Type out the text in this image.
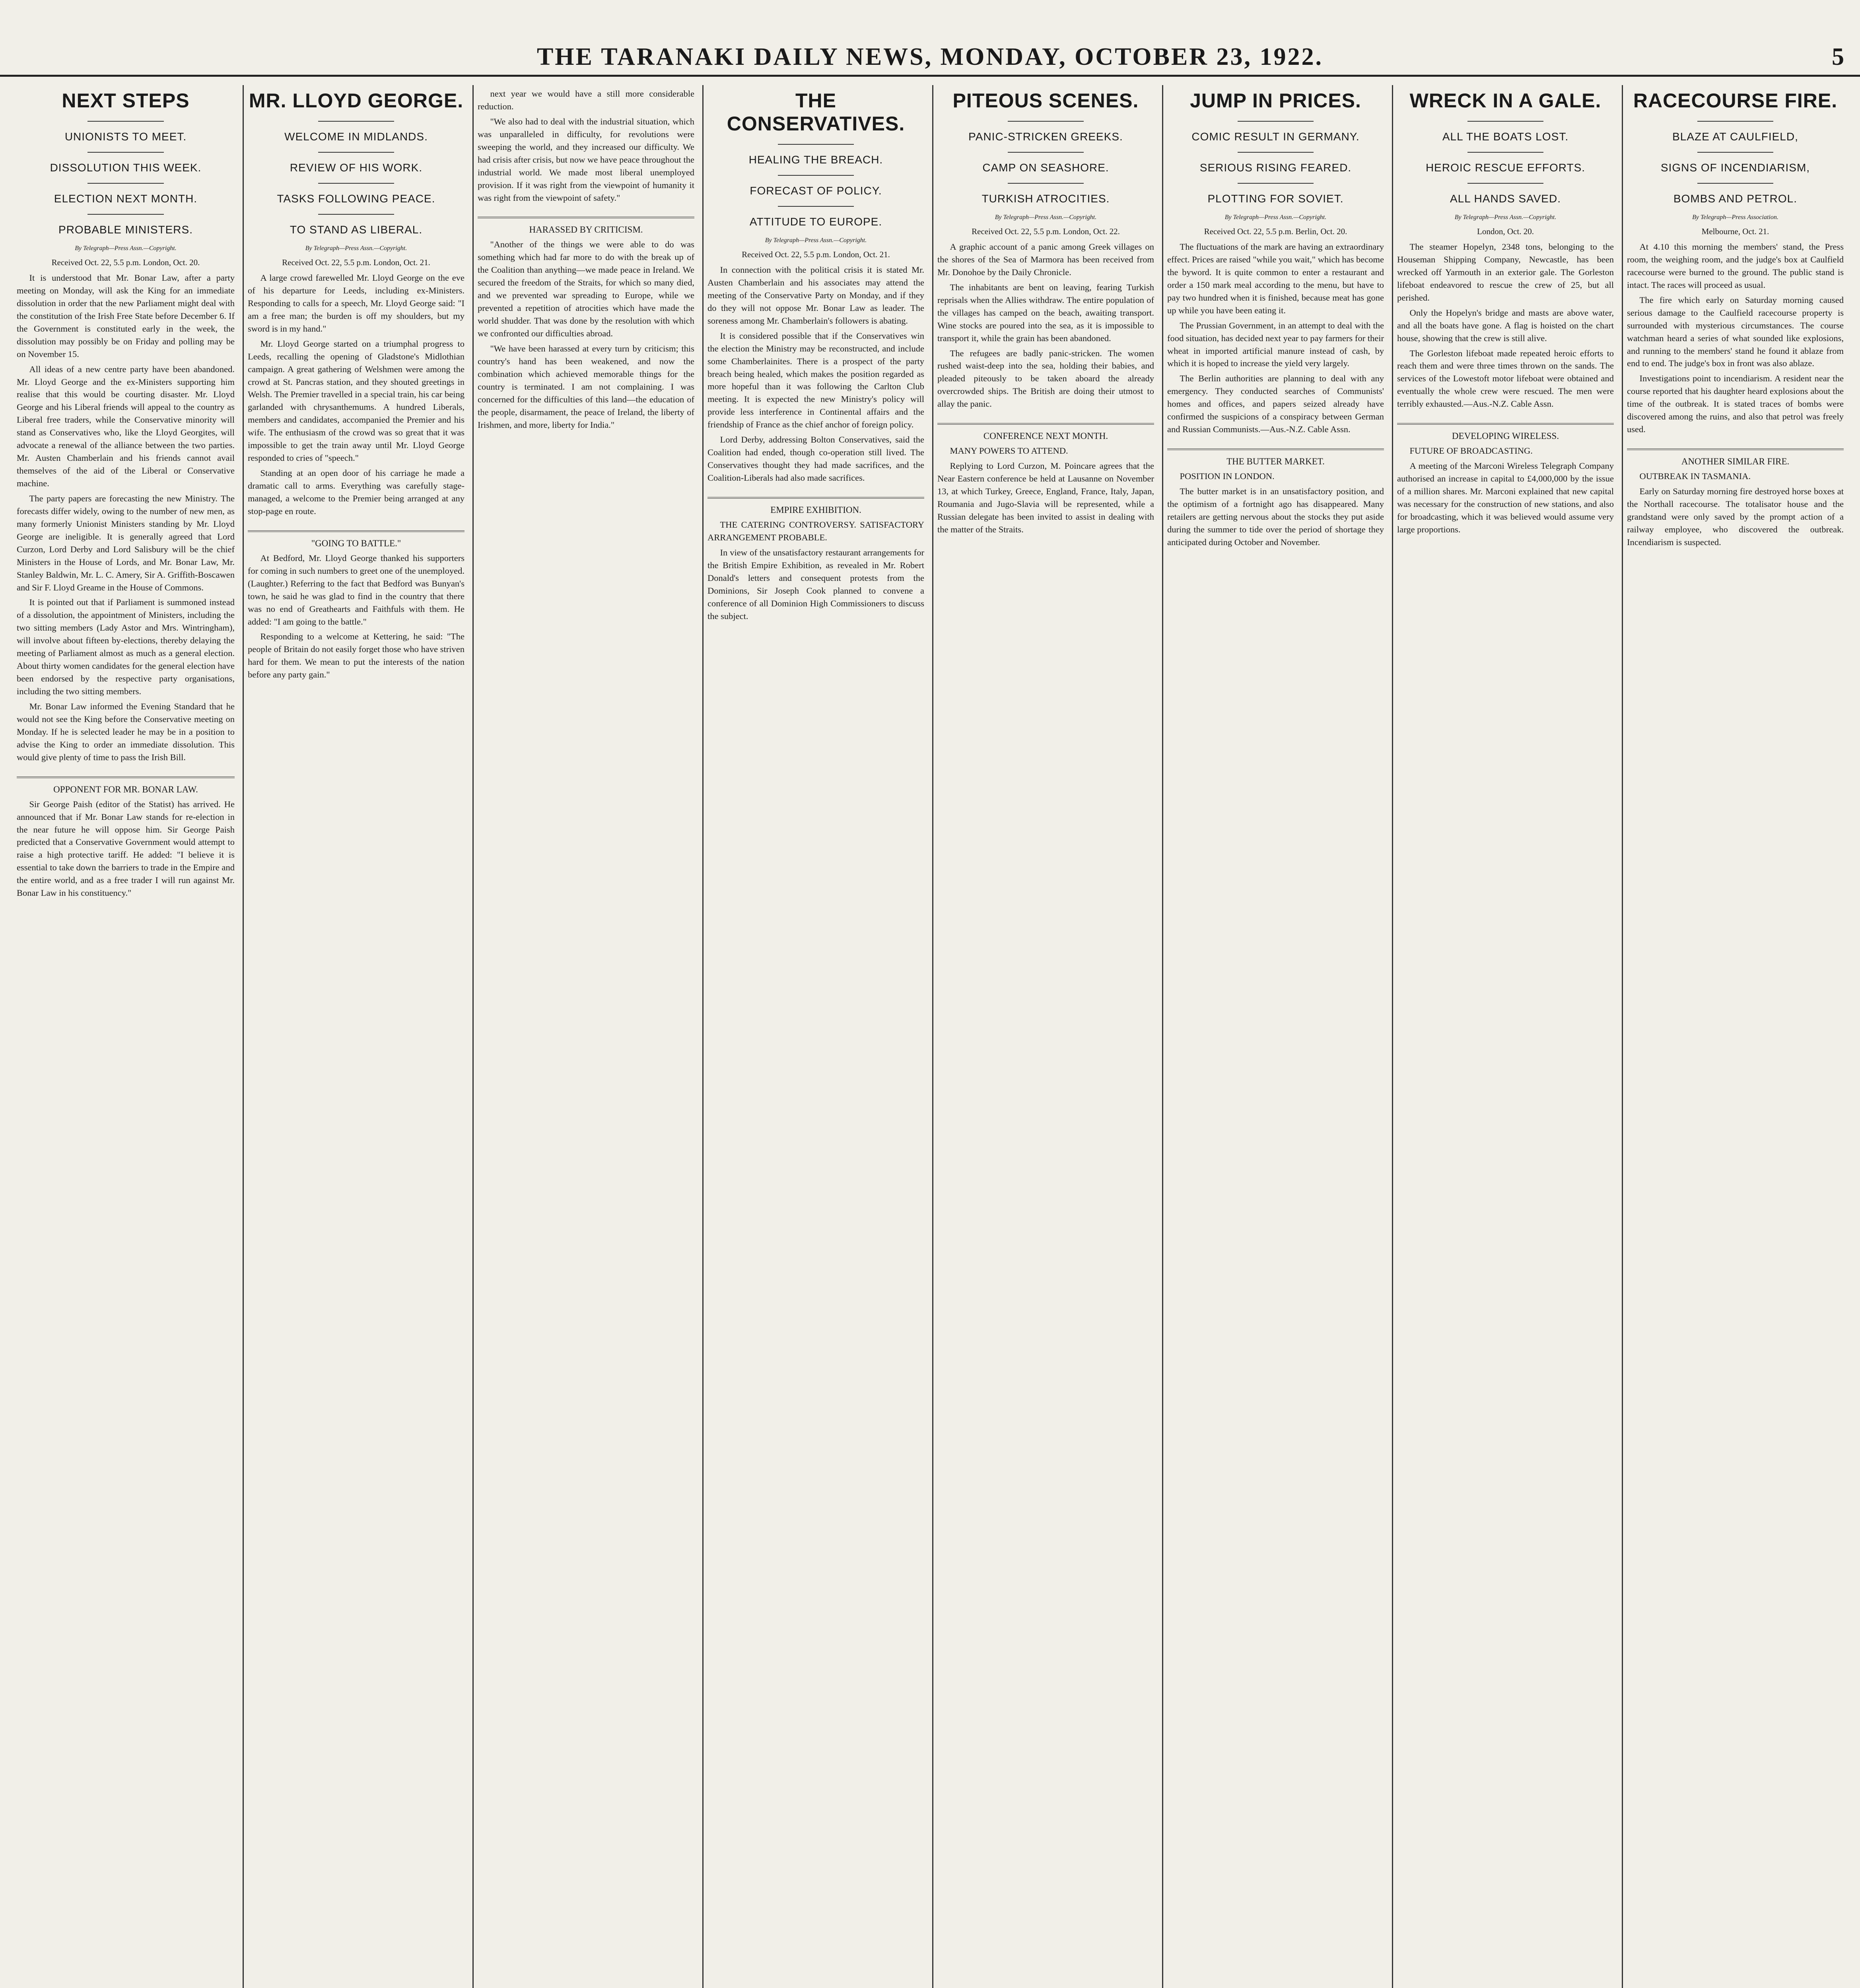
THE TARANAKI DAILY NEWS, MONDAY, OCTOBER 23, 1922.	5

NEXT STEPS

UNIONISTS TO MEET.

DISSOLUTION THIS WEEK.

ELECTION NEXT MONTH.

PROBABLE MINISTERS.

By Telegraph—Press Assn.—Copyright.
Received Oct. 22, 5.5 p.m. London, Oct. 20.

It is understood that Mr. Bonar Law, after a party meeting on Monday, will ask the King for an immediate dissolution in order that the new Parliament might deal with the constitution of the Irish Free State before December 6. If the Government is constituted early in the week, the dissolution may possibly be on Friday and polling may be on November 15.

All ideas of a new centre party have been abandoned. Mr. Lloyd George and the ex-Ministers supporting him realise that this would be courting disaster. Mr. Lloyd George and his Liberal friends will appeal to the country as Liberal free traders, while the Conservative minority will stand as Conservatives who, like the Lloyd Georgites, will advocate a renewal of the alliance between the two parties. Mr. Austen Chamberlain and his friends cannot avail themselves of the aid of the Liberal or Conservative machine.

The party papers are forecasting the new Ministry. The forecasts differ widely, owing to the number of new men, as many formerly Unionist Ministers standing by Mr. Lloyd George are ineligible. It is generally agreed that Lord Curzon, Lord Derby and Lord Salisbury will be the chief Ministers in the House of Lords, and Mr. Bonar Law, Mr. Stanley Baldwin, Mr. L. C. Amery, Sir A. Griffith-Boscawen and Sir F. Lloyd Greame in the House of Commons.

It is pointed out that if Parliament is summoned instead of a dissolution, the appointment of Ministers, including the two sitting members (Lady Astor and Mrs. Wintringham), will involve about fifteen by-elections, thereby delaying the meeting of Parliament almost as much as a general election. About thirty women candidates for the general election have been endorsed by the respective party organisations, including the two sitting members.

Mr. Bonar Law informed the Evening Standard that he would not see the King before the Conservative meeting on Monday. If he is selected leader he may be in a position to advise the King to order an immediate dissolution. This would give plenty of time to pass the Irish Bill.

OPPONENT FOR MR. BONAR LAW.

Sir George Paish (editor of the Statist) has arrived. He announced that if Mr. Bonar Law stands for re-election in the near future he will oppose him. Sir George Paish predicted that a Conservative Government would attempt to raise a high protective tariff. He added: "I believe it is essential to take down the barriers to trade in the Empire and the entire world, and as a free trader I will run against Mr. Bonar Law in his constituency."

MR. LLOYD GEORGE.

WELCOME IN MIDLANDS.

REVIEW OF HIS WORK.

TASKS FOLLOWING PEACE.

TO STAND AS LIBERAL.

By Telegraph—Press Assn.—Copyright.
Received Oct. 22, 5.5 p.m. London, Oct. 21.

A large crowd farewelled Mr. Lloyd George on the eve of his departure for Leeds, including ex-Ministers. Responding to calls for a speech, Mr. Lloyd George said: "I am a free man; the burden is off my shoulders, but my sword is in my hand."

Mr. Lloyd George started on a triumphal progress to Leeds, recalling the opening of Gladstone's Midlothian campaign. A great gathering of Welshmen were among the crowd at St. Pancras station, and they shouted greetings in Welsh. The Premier travelled in a special train, his car being garlanded with chrysanthemums. A hundred Liberals, members and candidates, accompanied the Premier and his wife. The enthusiasm of the crowd was so great that it was impossible to get the train away until Mr. Lloyd George responded to cries of "speech."

Standing at an open door of his carriage he made a dramatic call to arms. Everything was carefully stage-managed, a welcome to the Premier being arranged at any stop-page en route.

"GOING TO BATTLE."

At Bedford, Mr. Lloyd George thanked his supporters for coming in such numbers to greet one of the unemployed. (Laughter.) Referring to the fact that Bedford was Bunyan's town, he said he was glad to find in the country that there was no end of Greathearts and Faithfuls with them. He added: "I am going to the battle."

Responding to a welcome at Kettering, he said: "The people of Britain do not easily forget those who have striven hard for them. We mean to put the interests of the nation before any party gain."

next year we would have a still more considerable reduction.

"We also had to deal with the industrial situation, which was unparalleled in difficulty, for revolutions were sweeping the world, and they increased our difficulty. We had crisis after crisis, but now we have peace throughout the industrial world. We made most liberal unemployed provision. If it was right from the viewpoint of humanity it was right from the viewpoint of safety."

HARASSED BY CRITICISM.

"Another of the things we were able to do was something which had far more to do with the break up of the Coalition than anything—we made peace in Ireland. We secured the freedom of the Straits, for which so many died, and we prevented war spreading to Europe, while we prevented a repetition of atrocities which have made the world shudder. That was done by the resolution with which we confronted our difficulties abroad.

"We have been harassed at every turn by criticism; this country's hand has been weakened, and now the combination which achieved memorable things for the country is terminated. I am not complaining. I was concerned for the difficulties of this land—the education of the people, disarmament, the peace of Ireland, the liberty of Irishmen, and more, liberty for India."

THE CONSERVATIVES.

HEALING THE BREACH.

FORECAST OF POLICY.

ATTITUDE TO EUROPE.

By Telegraph—Press Assn.—Copyright.
Received Oct. 22, 5.5 p.m. London, Oct. 21.

In connection with the political crisis it is stated Mr. Austen Chamberlain and his associates may attend the meeting of the Conservative Party on Monday, and if they do they will not oppose Mr. Bonar Law as leader. The soreness among Mr. Chamberlain's followers is abating.

It is considered possible that if the Conservatives win the election the Ministry may be reconstructed, and include some Chamberlainites. There is a prospect of the party breach being healed, which makes the position regarded as more hopeful than it was following the Carlton Club meeting. It is expected the new Ministry's policy will provide less interference in Continental affairs and the friendship of France as the chief anchor of foreign policy.

Lord Derby, addressing Bolton Conservatives, said the Coalition had ended, though co-operation still lived. The Conservatives thought they had made sacrifices, and the Coalition-Liberals had also made sacrifices.

EMPIRE EXHIBITION.

THE CATERING CONTROVERSY. SATISFACTORY ARRANGEMENT PROBABLE.

In view of the unsatisfactory restaurant arrangements for the British Empire Exhibition, as revealed in Mr. Robert Donald's letters and consequent protests from the Dominions, Sir Joseph Cook planned to convene a conference of all Dominion High Commissioners to discuss the subject.

PITEOUS SCENES.

PANIC-STRICKEN GREEKS.

CAMP ON SEASHORE.

TURKISH ATROCITIES.

By Telegraph—Press Assn.—Copyright.
Received Oct. 22, 5.5 p.m. London, Oct. 22.

A graphic account of a panic among Greek villages on the shores of the Sea of Marmora has been received from Mr. Donohoe by the Daily Chronicle.

The inhabitants are bent on leaving, fearing Turkish reprisals when the Allies withdraw. The entire population of the villages has camped on the beach, awaiting transport. Wine stocks are poured into the sea, as it is impossible to transport it, while the grain has been abandoned.

The refugees are badly panic-stricken. The women rushed waist-deep into the sea, holding their babies, and pleaded piteously to be taken aboard the already overcrowded ships. The British are doing their utmost to allay the panic.

CONFERENCE NEXT MONTH.

MANY POWERS TO ATTEND.

Replying to Lord Curzon, M. Poincare agrees that the Near Eastern conference be held at Lausanne on November 13, at which Turkey, Greece, England, France, Italy, Japan, Roumania and Jugo-Slavia will be represented, while a Russian delegate has been invited to assist in dealing with the matter of the Straits.

JUMP IN PRICES.

COMIC RESULT IN GERMANY.

SERIOUS RISING FEARED.

PLOTTING FOR SOVIET.

By Telegraph—Press Assn.—Copyright.
Received Oct. 22, 5.5 p.m. Berlin, Oct. 20.

The fluctuations of the mark are having an extraordinary effect. Prices are raised "while you wait," which has become the byword. It is quite common to enter a restaurant and order a 150 mark meal according to the menu, but have to pay two hundred when it is finished, because meat has gone up while you have been eating it.

The Prussian Government, in an attempt to deal with the food situation, has decided next year to pay farmers for their wheat in imported artificial manure instead of cash, by which it is hoped to increase the yield very largely.

The Berlin authorities are planning to deal with any emergency. They conducted searches of Communists' homes and offices, and papers seized already have confirmed the suspicions of a conspiracy between German and Russian Communists.—Aus.-N.Z. Cable Assn.

THE BUTTER MARKET.

POSITION IN LONDON.

The butter market is in an unsatisfactory position, and the optimism of a fortnight ago has disappeared. Many retailers are getting nervous about the stocks they put aside during the summer to tide over the period of shortage they anticipated during October and November.

WRECK IN A GALE.

ALL THE BOATS LOST.

HEROIC RESCUE EFFORTS.

ALL HANDS SAVED.

By Telegraph—Press Assn.—Copyright.
London, Oct. 20.

The steamer Hopelyn, 2348 tons, belonging to the Houseman Shipping Company, Newcastle, has been wrecked off Yarmouth in an exterior gale. The Gorleston lifeboat endeavored to rescue the crew of 25, but all perished.

Only the Hopelyn's bridge and masts are above water, and all the boats have gone. A flag is hoisted on the chart house, showing that the crew is still alive.

The Gorleston lifeboat made repeated heroic efforts to reach them and were three times thrown on the sands. The services of the Lowestoft motor lifeboat were obtained and eventually the whole crew were rescued. The men were terribly exhausted.—Aus.-N.Z. Cable Assn.

DEVELOPING WIRELESS.

FUTURE OF BROADCASTING.

A meeting of the Marconi Wireless Telegraph Company authorised an increase in capital to £4,000,000 by the issue of a million shares. Mr. Marconi explained that new capital was necessary for the construction of new stations, and also for broadcasting, which it was believed would assume very large proportions.

RACECOURSE FIRE.

BLAZE AT CAULFIELD,

SIGNS OF INCENDIARISM,

BOMBS AND PETROL.

By Telegraph—Press Association.
Melbourne, Oct. 21.

At 4.10 this morning the members' stand, the Press room, the weighing room, and the judge's box at Caulfield racecourse were burned to the ground. The public stand is intact. The races will proceed as usual.

The fire which early on Saturday morning caused serious damage to the Caulfield racecourse property is surrounded with mysterious circumstances. The course watchman heard a series of what sounded like explosions, and running to the members' stand he found it ablaze from end to end. The judge's box in front was also ablaze.

Investigations point to incendiarism. A resident near the course reported that his daughter heard explosions about the time of the outbreak. It is stated traces of bombs were discovered among the ruins, and also that petrol was freely used.

ANOTHER SIMILAR FIRE.

OUTBREAK IN TASMANIA.

Early on Saturday morning fire destroyed horse boxes at the Northall racecourse. The totalisator house and the grandstand were only saved by the prompt action of a railway employee, who discovered the outbreak. Incendiarism is suspected.
